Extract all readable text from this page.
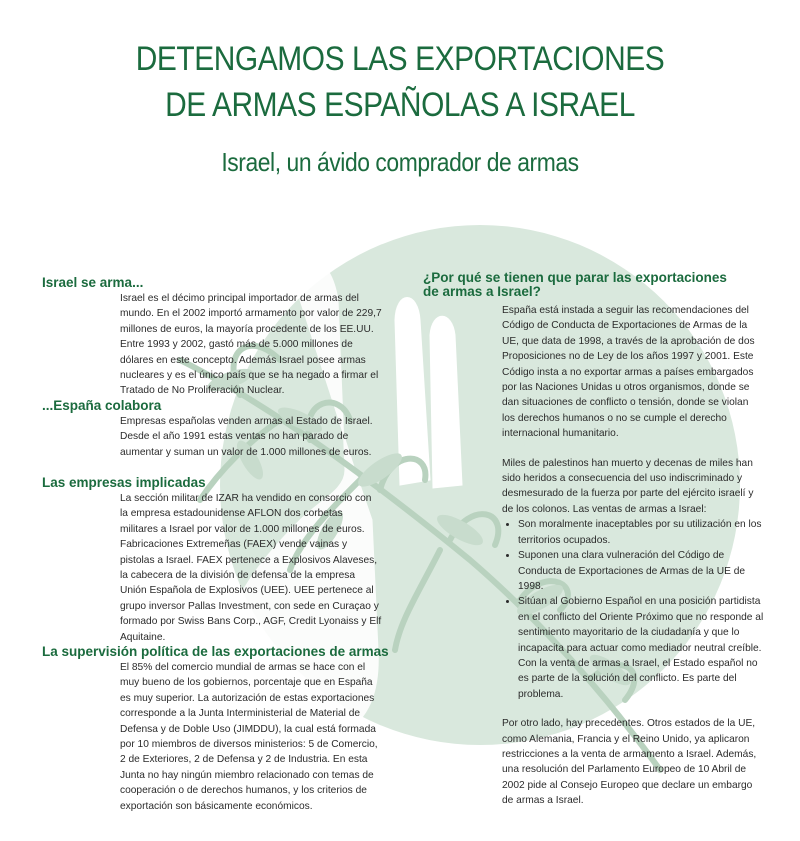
DETENGAMOS LAS EXPORTACIONES
DE ARMAS ESPAÑOLAS A ISRAEL
Israel, un ávido comprador de armas
Israel se arma...
Israel es el décimo principal importador de armas del mundo. En el 2002 importó armamento por valor de 229,7 millones de euros, la mayoría procedente de los EE.UU. Entre 1993 y 2002, gastó más de 5.000 millones de dólares en este concepto. Además Israel posee armas nucleares y es el único país que se ha negado a firmar el Tratado de No Proliferación Nuclear.
...España colabora
Empresas españolas venden armas al Estado de Israel. Desde el año 1991 estas ventas no han parado de aumentar y suman un valor de 1.000 millones de euros.
Las empresas implicadas

La sección militar de IZAR ha vendido en consorcio con la empresa estadounidense AFLON dos corbetas militares a Israel por valor de 1.000 millones de euros.

Fabricaciones Extremeñas (FAEX) vende vainas y pistolas a Israel. FAEX pertenece a Explosivos Alaveses, la cabecera de la división de defensa de la empresa Unión Española de Explosivos (UEE). UEE pertenece al grupo inversor Pallas Investment, con sede en Curaçao y formado por Swiss Bans Corp., AGF, Credit Lyonaiss y Elf Aquitaine.

La supervisión política de las exportaciones de armas
El 85% del comercio mundial de armas se hace con el muy bueno de los gobiernos, porcentaje que en España es muy superior. La autorización de estas exportaciones corresponde a la Junta Interministerial de Material de Defensa y de Doble Uso (JIMDDU), la cual está formada por 10 miembros de diversos ministerios: 5 de Comercio, 2 de Exteriores, 2 de Defensa y 2 de Industria. En esta Junta no hay ningún miembro relacionado con temas de cooperación o de derechos humanos, y los criterios de exportación son básicamente económicos.
¿Por qué se tienen que parar las exportaciones
de armas a Israel?

España está instada a seguir las recomendaciones del Código de Conducta de Exportaciones de Armas de la UE, que data de 1998, a través de la aprobación de dos Proposiciones no de Ley de los años 1997 y 2001. Este Código insta a no exportar armas a países embargados por las Naciones Unidas u otros organismos, donde se dan situaciones de conflicto o tensión, donde se violan los derechos humanos o no se cumple el derecho internacional humanitario.

Miles de palestinos han muerto y decenas de miles han sido heridos a consecuencia del uso indiscriminado y desmesurado de la fuerza por parte del ejército israelí y de los colonos. Las ventas de armas a Israel:

• Son moralmente inaceptables por su utilización en los territorios ocupados.
• Suponen una clara vulneración del Código de Conducta de Exportaciones de Armas de la UE de 1998.
• Sitúan al Gobierno Español en una posición partidista en el conflicto del Oriente Próximo que no responde al sentimiento mayoritario de la ciudadanía y que lo incapacita para actuar como mediador neutral creíble. Con la venta de armas a Israel, el Estado español no es parte de la solución del conflicto. Es parte del problema.

Por otro lado, hay precedentes. Otros estados de la UE, como Alemania, Francia y el Reino Unido, ya aplicaron restricciones a la venta de armamento a Israel. Además, una resolución del Parlamento Europeo de 10 Abril de 2002 pide al Consejo Europeo que declare un embargo de armas a Israel.
